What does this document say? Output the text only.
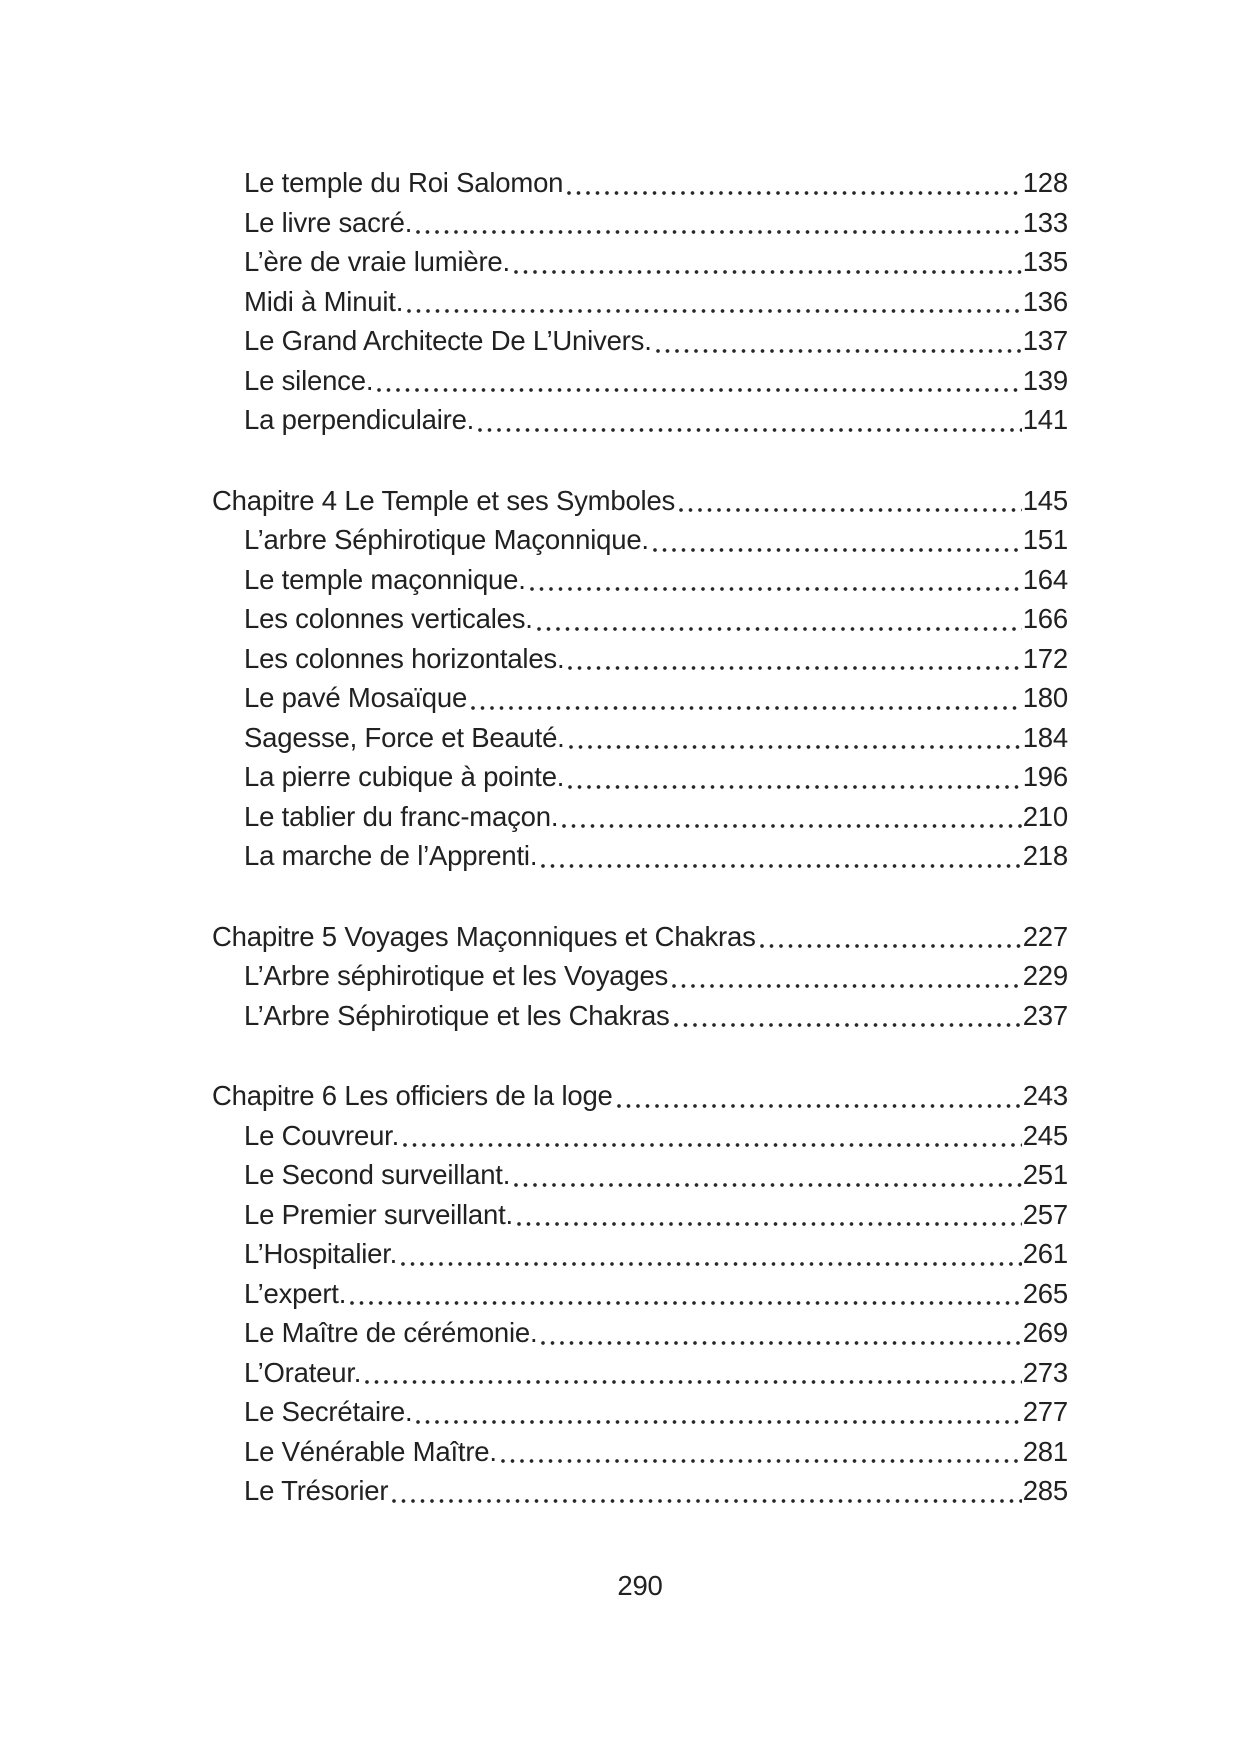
Le temple du Roi Salomon	128
Le livre sacré.	133
L’ère de vraie lumière.	135
Midi à Minuit.	136
Le Grand Architecte De L’Univers.	137
Le silence.	139
La perpendiculaire.	141
Chapitre 4 Le Temple et ses Symboles	145
L’arbre Séphirotique Maçonnique.	151
Le temple maçonnique.	164
Les colonnes verticales.	166
Les colonnes horizontales.	172
Le pavé Mosaïque	180
Sagesse, Force et Beauté.	184
La pierre cubique à pointe.	196
Le tablier du franc-maçon.	210
La marche de l’Apprenti.	218
Chapitre 5 Voyages Maçonniques et Chakras	227
L’Arbre séphirotique et les Voyages	229
L’Arbre Séphirotique et les Chakras	237
Chapitre 6 Les officiers de la loge	243
Le Couvreur.	245
Le Second surveillant.	251
Le Premier surveillant.	257
L’Hospitalier.	261
L’expert.	265
Le Maître de cérémonie.	269
L’Orateur.	273
Le Secrétaire.	277
Le Vénérable Maître.	281
Le Trésorier	285
290
